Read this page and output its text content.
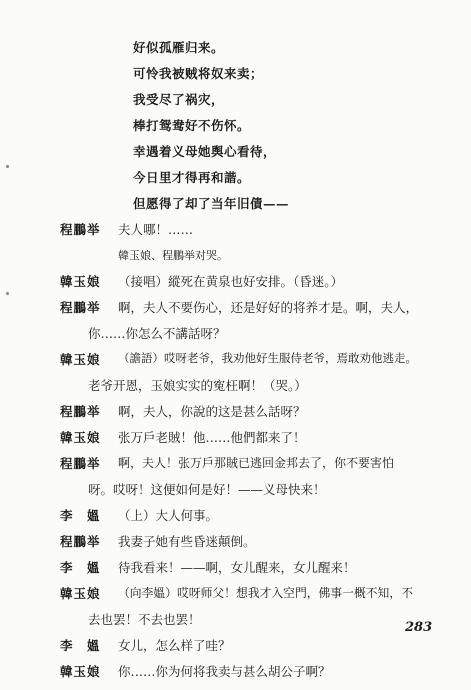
好似孤雁归来。
可怜我被贼将奴来卖；
我受尽了祸灾，
棒打鸳鸯好不伤怀。
幸遇着义母她舆心看待，
今日里才得再和諧。
但愿得了却了当年旧債——
程鵬举 夫人哪！……
韓玉娘、程鵬举对哭。
韓玉娘 （接唱）縱死在黄泉也好安排。（昏迷。）
程鵬举 啊，夫人不要伤心，还是好好的将养才是。啊，夫人，
你……你怎么不講話呀？
韓玉娘 （譫語）哎呀老爷，我劝他好生服侍老爷，焉敢劝他逃走。
老爷开恩，玉娘实实的寃枉啊！（哭。）
程鵬举 啊，夫人，你說的这是甚么話呀？
韓玉娘 张万戶老賊！他……他們都来了！
程鵬举 啊，夫人！张万戶那賊已逃回金邦去了，你不要害怕
呀。哎呀！这便如何是好！——义母快来！
李　媼 （上）大人何事。
程鵬举 我妻子她有些昏迷顛倒。
李　媼 待我看来！——啊，女儿醒来，女儿醒来！
韓玉娘 （向李媼）哎呀师父！想我才入空門，佛事一概不知，不
去也罢！不去也罢！
李　媼 女儿，怎么样了哇？
韓玉娘 你……你为何将我卖与甚么胡公子啊？
283
